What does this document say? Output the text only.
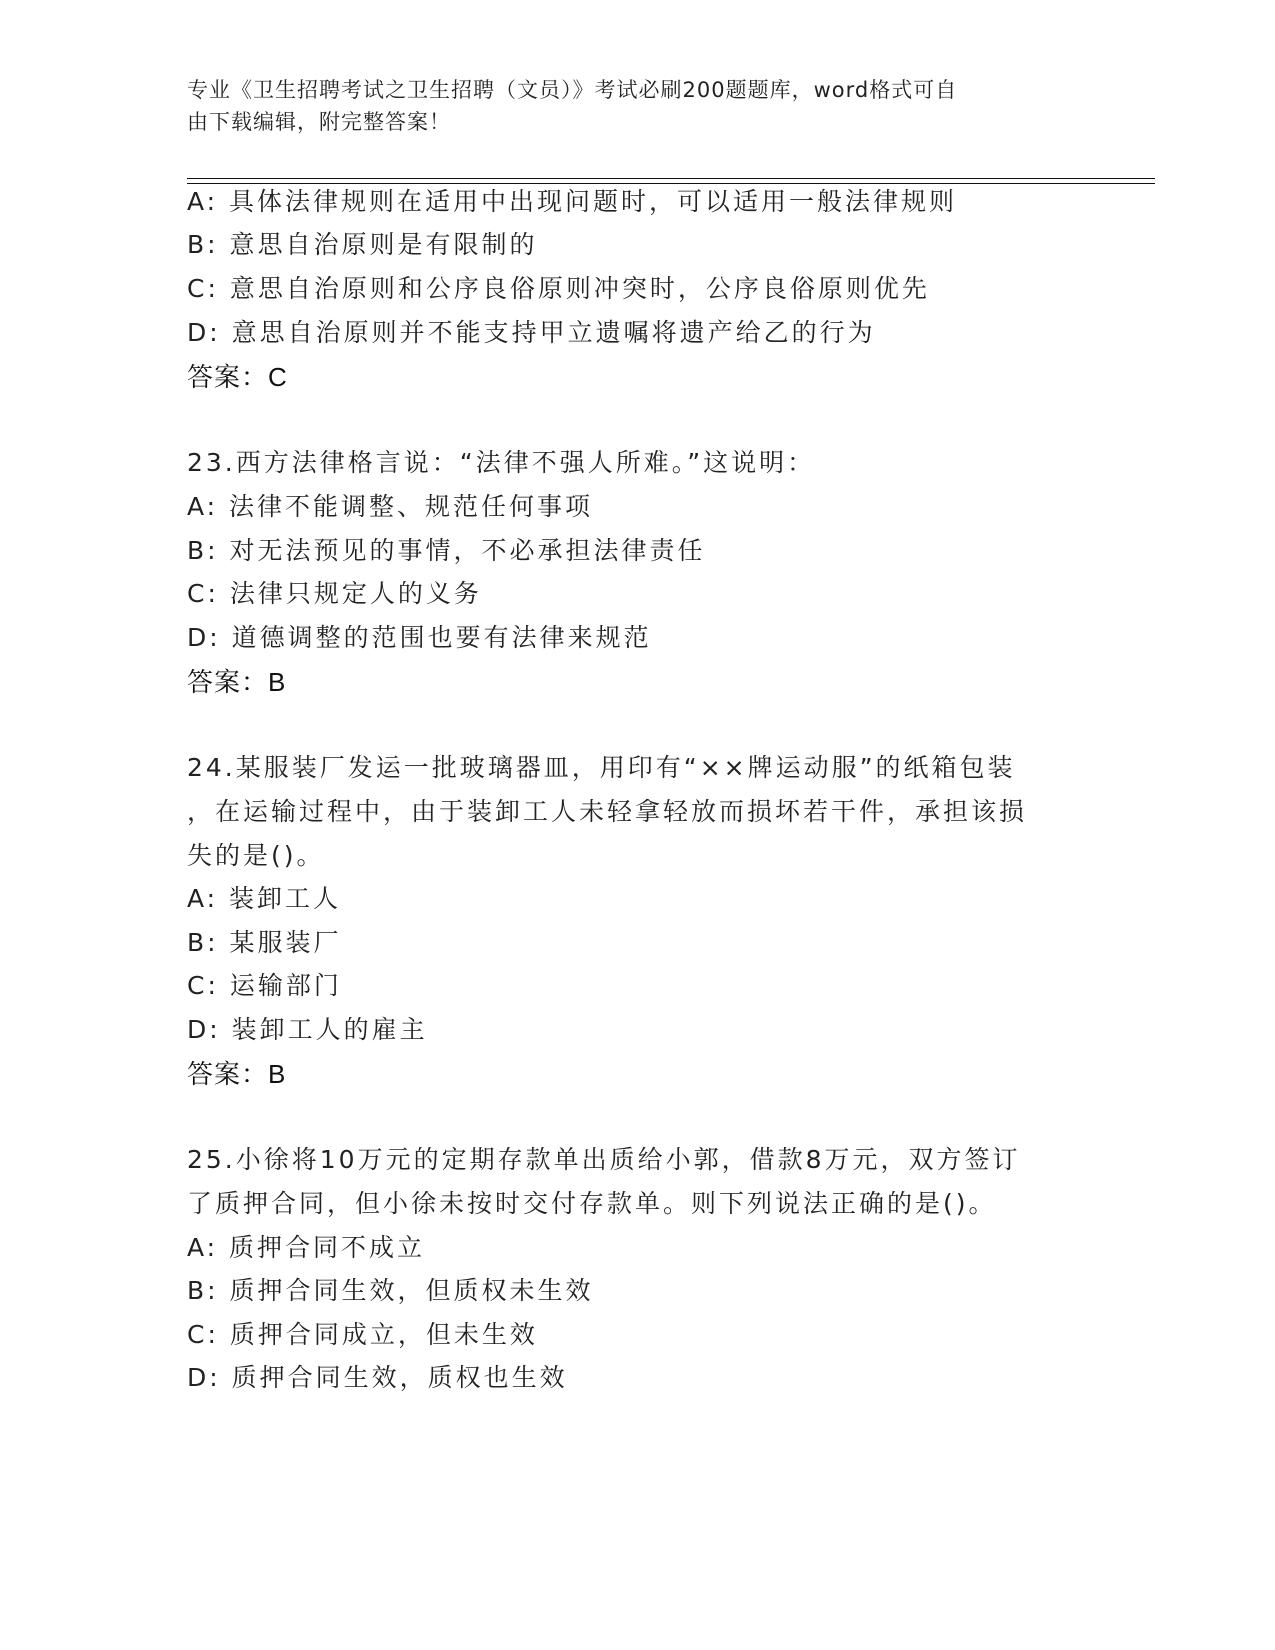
专业《卫生招聘考试之卫生招聘（文员）》考试必刷200题题库，word格式可自
由下载编辑，附完整答案！
A: 具体法律规则在适用中出现问题时，可以适用一般法律规则
B: 意思自治原则是有限制的
C: 意思自治原则和公序良俗原则冲突时，公序良俗原则优先
D: 意思自治原则并不能支持甲立遗嘱将遗产给乙的行为
答案：C
23.西方法律格言说：“法律不强人所难。”这说明：
A: 法律不能调整、规范任何事项
B: 对无法预见的事情，不必承担法律责任
C: 法律只规定人的义务
D: 道德调整的范围也要有法律来规范
答案：B
24.某服装厂发运一批玻璃器皿，用印有“××牌运动服”的纸箱包装
，在运输过程中，由于装卸工人未轻拿轻放而损坏若干件，承担该损
失的是()。
A: 装卸工人
B: 某服装厂
C: 运输部门
D: 装卸工人的雇主
答案：B
25.小徐将10万元的定期存款单出质给小郭，借款8万元，双方签订
了质押合同，但小徐未按时交付存款单。则下列说法正确的是()。
A: 质押合同不成立
B: 质押合同生效，但质权未生效
C: 质押合同成立，但未生效
D: 质押合同生效，质权也生效
